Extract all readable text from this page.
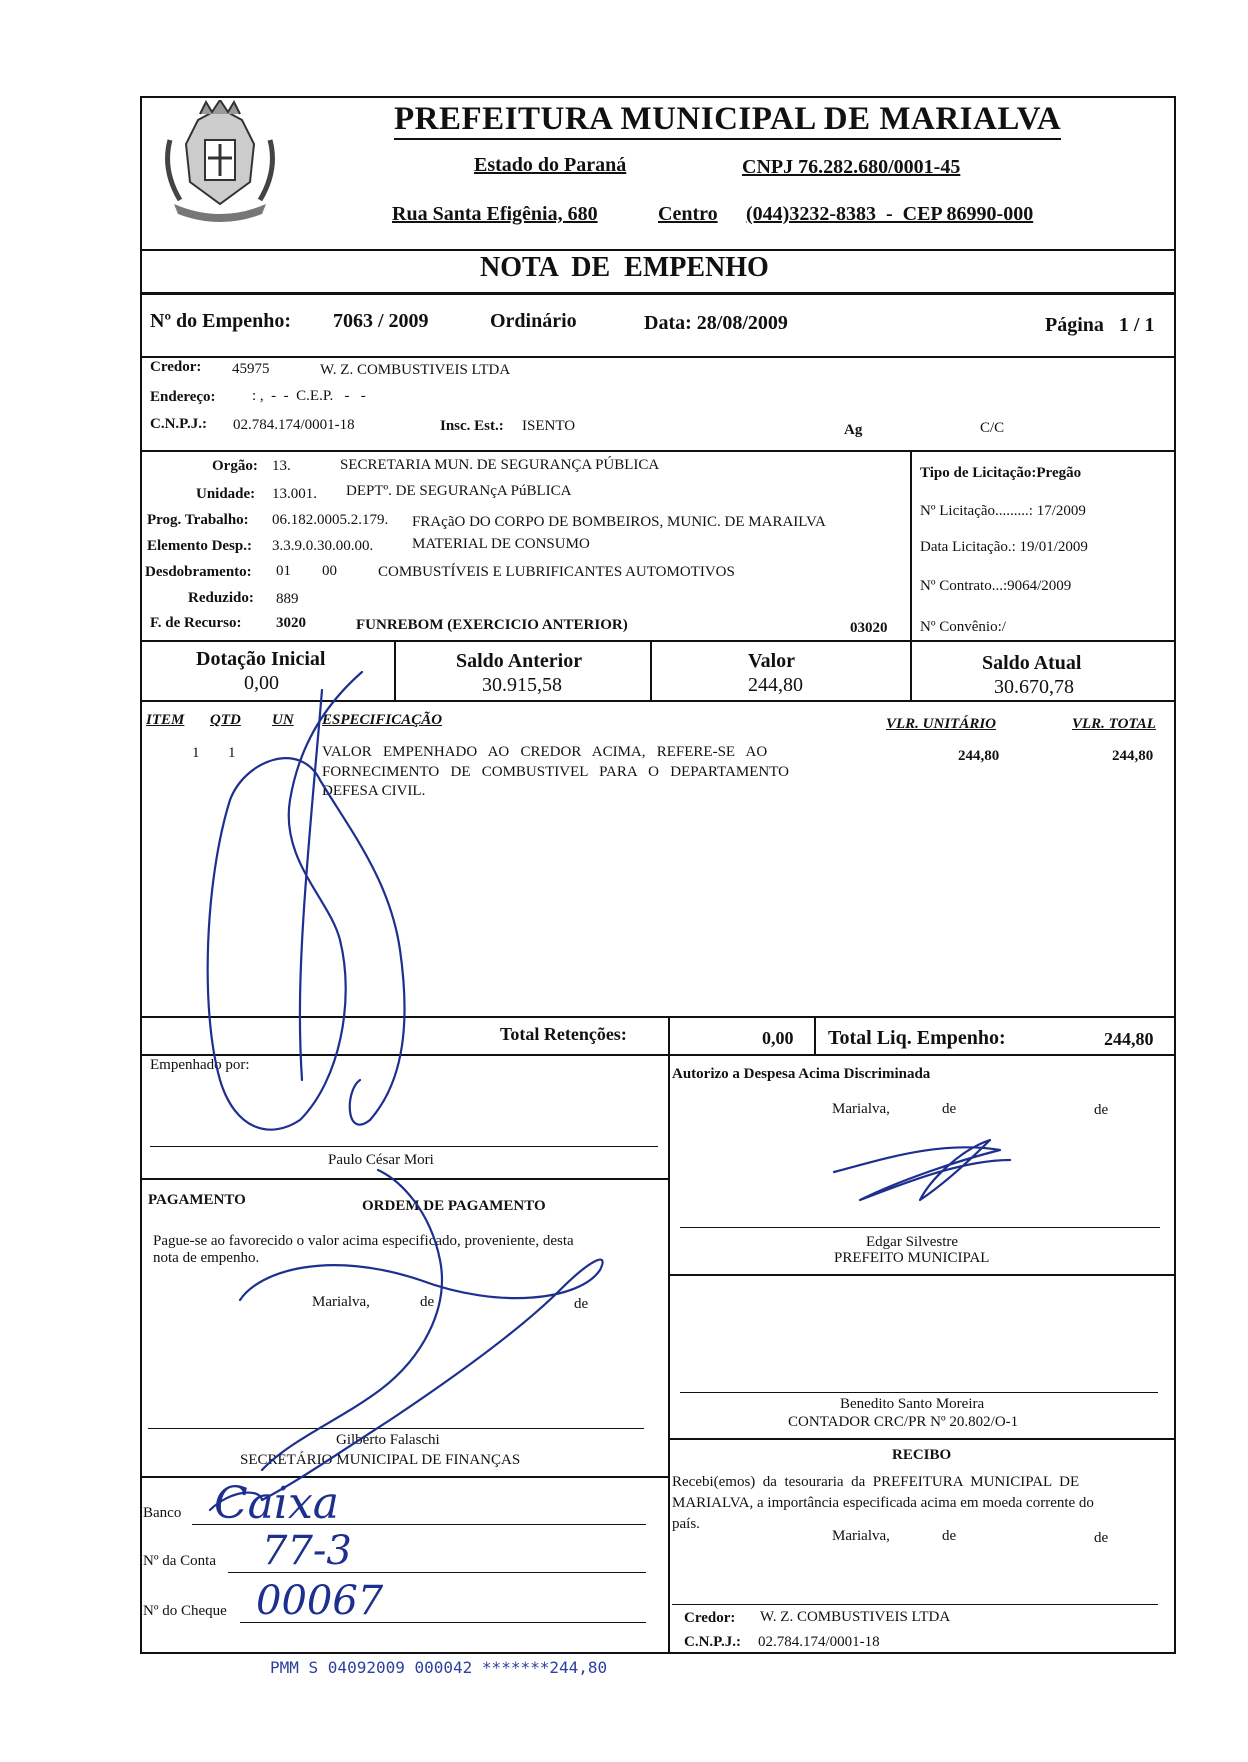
PREFEITURA MUNICIPAL DE MARIALVA
Estado do Paraná	CNPJ 76.282.680/0001-45
Rua Santa Efigênia, 680	Centro (044)3232-8383  -  CEP 86990-000
NOTA  DE  EMPENHO
Nº do Empenho: 7063 / 2009	Ordinário	Data: 28/08/2009	Página   1 / 1
Credor: 45975	W. Z. COMBUSTIVEIS LTDA
Endereço: : ,  -  -  C.E.P.   -   -
C.N.P.J.: 02.784.174/0001-18	Insc. Est.: ISENTO	Ag	C/C
Orgão: 13.	SECRETARIA MUN. DE SEGURANÇA PÚBLICA
Unidade: 13.001. DEPTº. DE SEGURANçA PúBLICA
Prog. Trabalho: 06.182.0005.2.179. FRAçãO DO CORPO DE BOMBEIROS, MUNIC. DE MARAILVA
Elemento Desp.: 3.3.9.0.30.00.00.	MATERIAL DE CONSUMO
Desdobramento: 01 00	COMBUSTÍVEIS E LUBRIFICANTES AUTOMOTIVOS
Reduzido: 889
F. de Recurso: 3020	FUNREBOM (EXERCICIO ANTERIOR)	03020
Tipo de Licitação:Pregão
Nº Licitação.........: 17/2009
Data Licitação.: 19/01/2009
Nº Contrato...:9064/2009
Nº Convênio:/
Dotação Inicial
0,00
Saldo Anterior
30.915,58
Valor
244,80
Saldo Atual
30.670,78
ITEM QTD UN ESPECIFICAÇÃO	VLR. UNITÁRIO	VLR. TOTAL
1 1	VALOR   EMPENHADO   AO   CREDOR   ACIMA,   REFERE-SE   AO
FORNECIMENTO   DE   COMBUSTIVEL   PARA   O   DEPARTAMENTO
DEFESA CIVIL.
244,80	244,80
Total Retenções:	0,00 Total Liq. Empenho:	244,80
Empenhado por:
Paulo César Mori
Autorizo a Despesa Acima Discriminada
Marialva,	de	de
Edgar Silvestre
PREFEITO MUNICIPAL
PAGAMENTO	ORDEM DE PAGAMENTO
Pague-se ao favorecido o valor acima especificado, proveniente, desta
nota de empenho.
Marialva,	de	de
Gilberto Falaschi
SECRETÁRIO MUNICIPAL DE FINANÇAS
Benedito Santo Moreira
CONTADOR CRC/PR Nº 20.802/O-1
Banco Caixa
Nº da Conta 77-3
Nº do Cheque 00067
RECIBO
Recebi(emos)  da  tesouraria  da  PREFEITURA  MUNICIPAL  DE
MARIALVA, a importância especificada acima em moeda corrente do
país.
Marialva,	de	de
Credor: W. Z. COMBUSTIVEIS LTDA
C.N.P.J.: 02.784.174/0001-18
PMM S 04092009 000042 *******244,80
